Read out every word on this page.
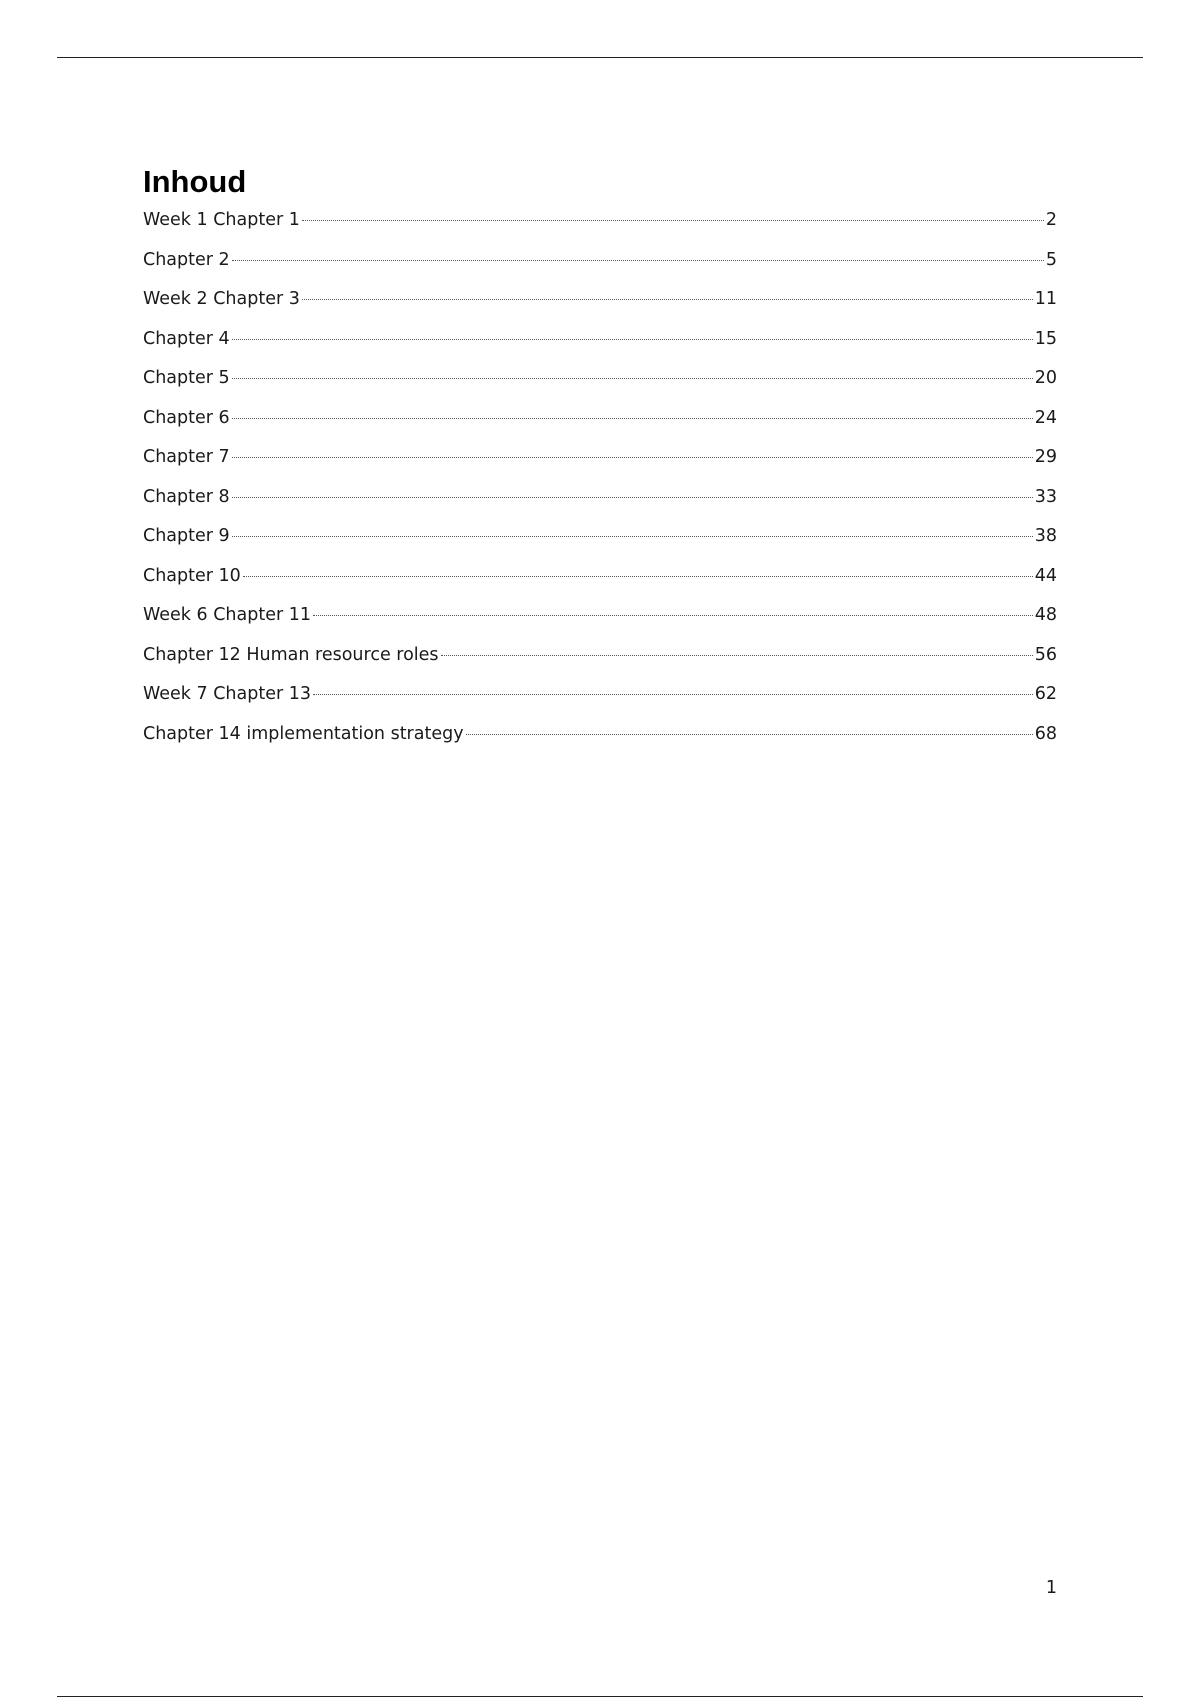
Inhoud
Week 1 Chapter 1	2
Chapter 2	5
Week 2 Chapter 3	11
Chapter 4	15
Chapter 5	20
Chapter 6	24
Chapter 7	29
Chapter 8	33
Chapter 9	38
Chapter 10	44
Week 6 Chapter 11	48
Chapter 12 Human resource roles	56
Week 7 Chapter 13	62
Chapter 14 implementation strategy	68
1
